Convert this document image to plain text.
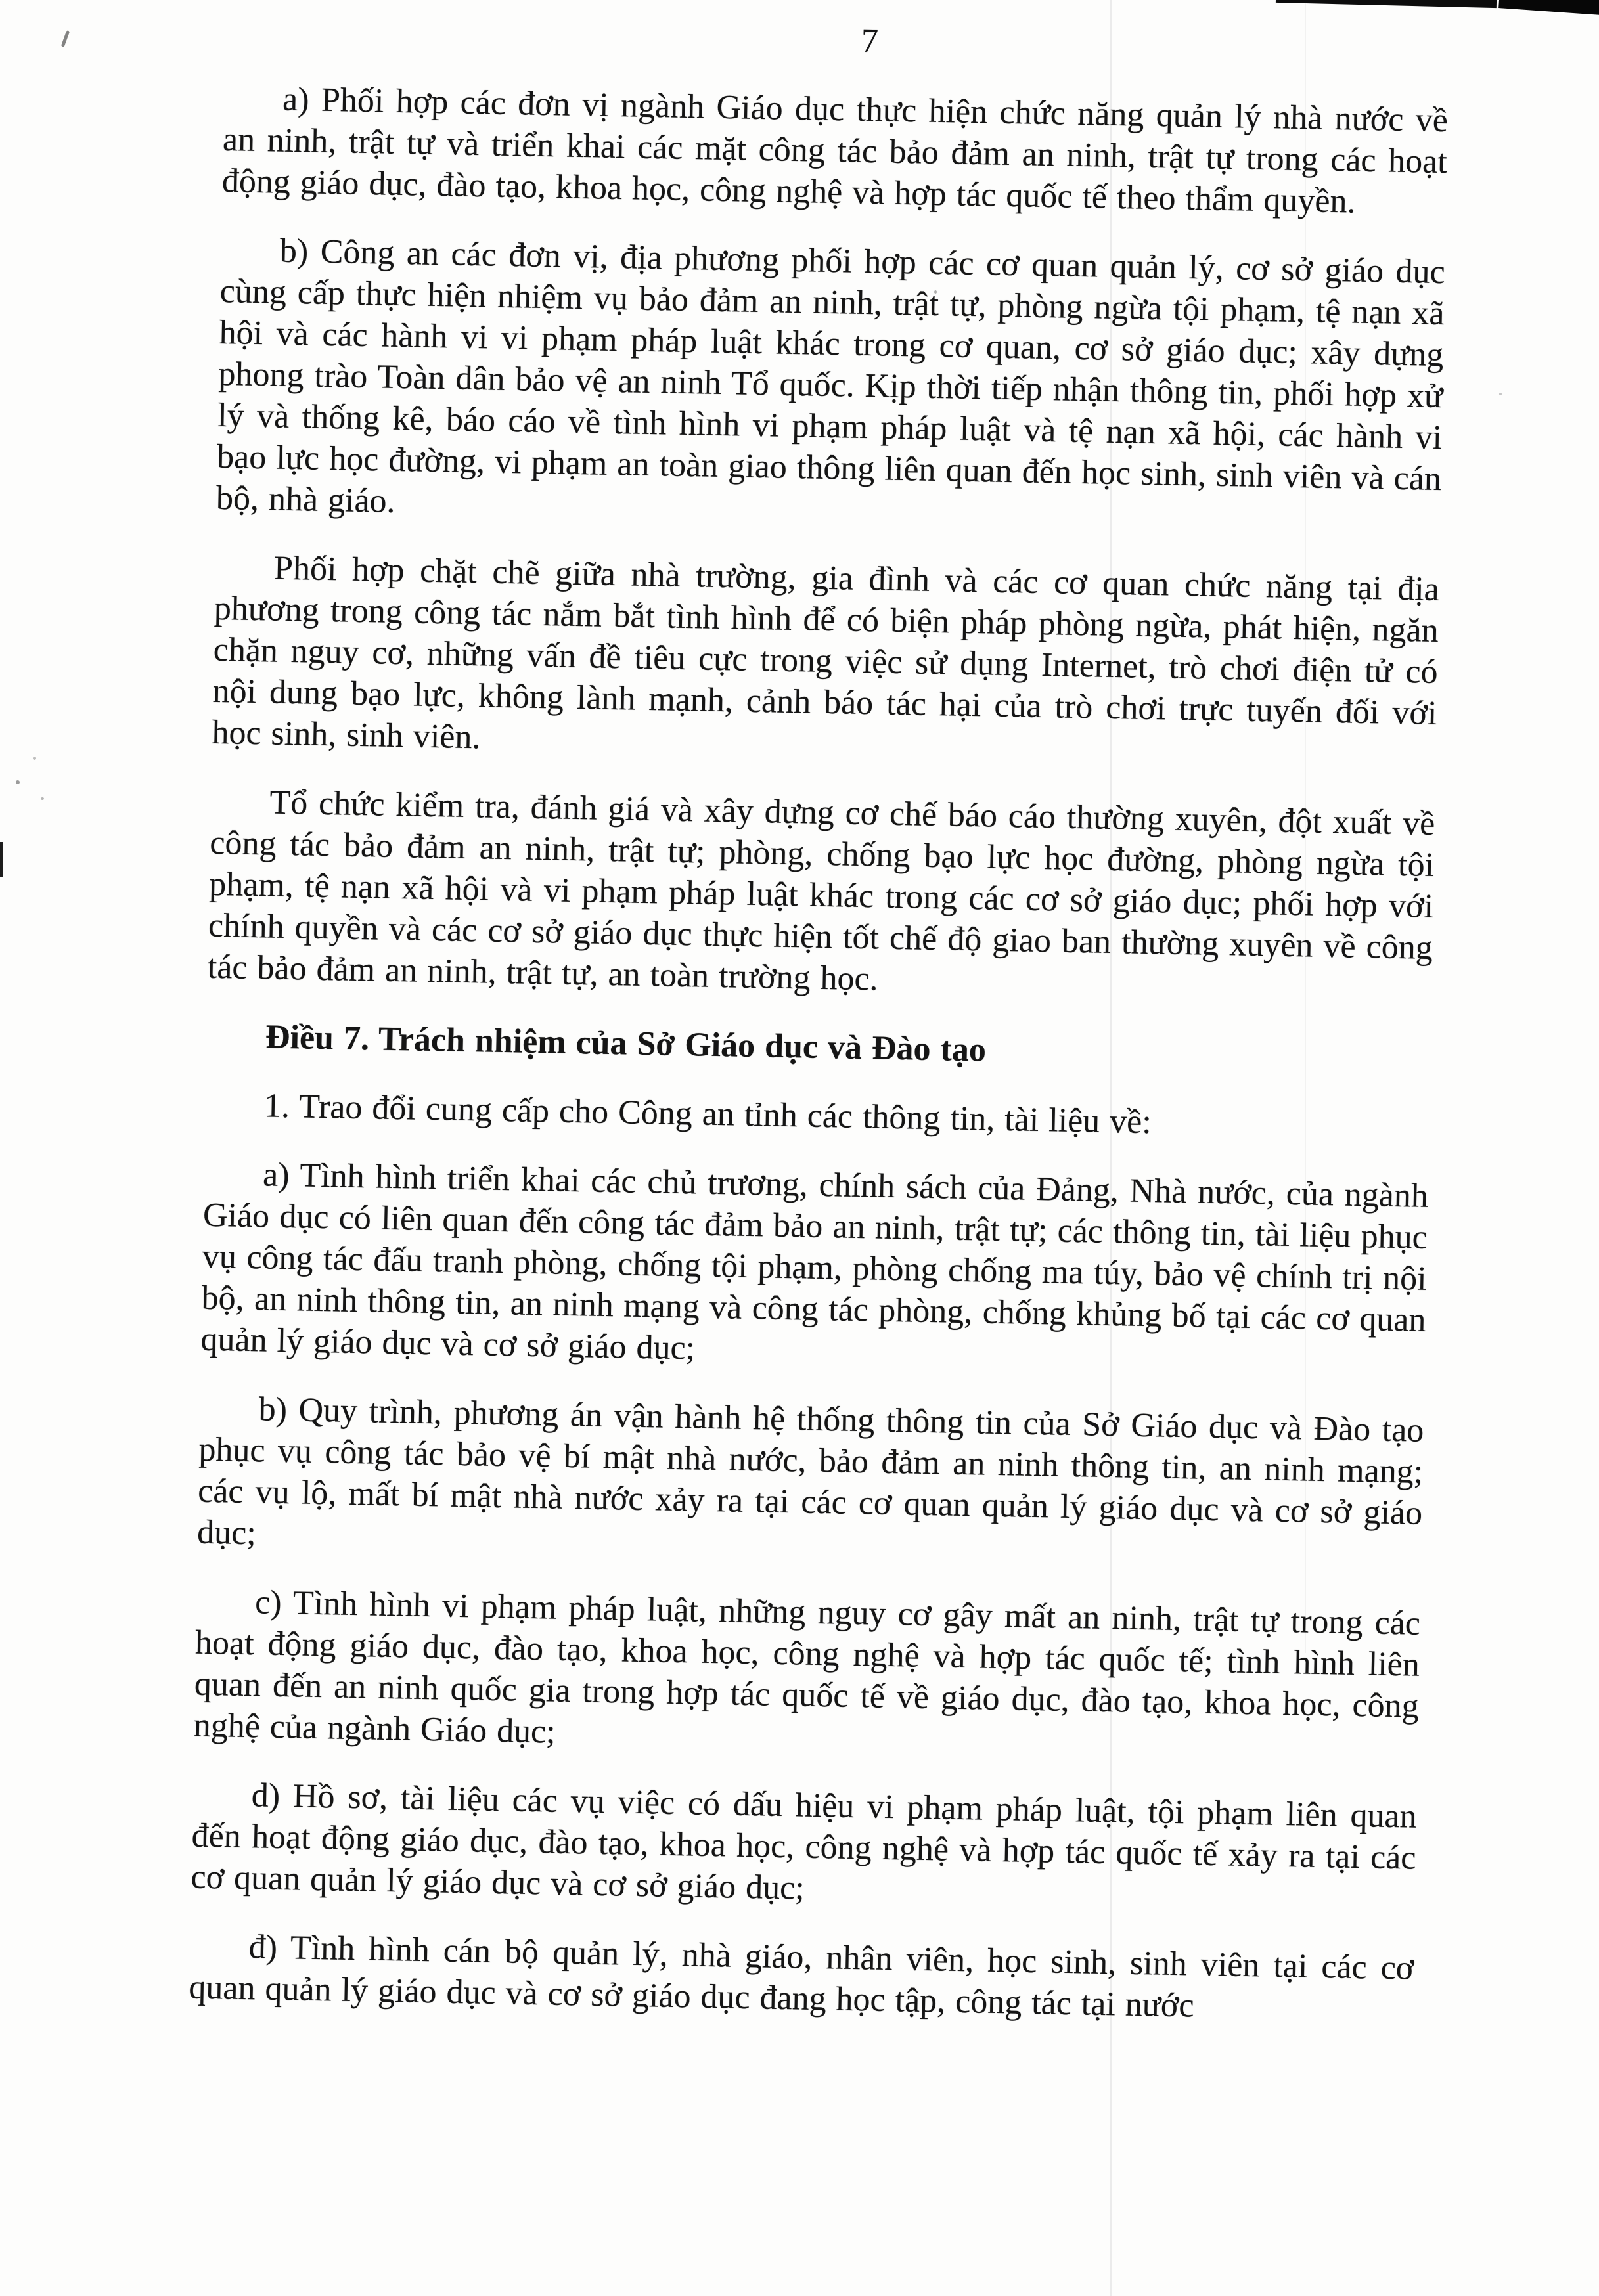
7

a) Phối hợp các đơn vị ngành Giáo dục thực hiện chức năng quản lý nhà nước về an ninh, trật tự và triển khai các mặt công tác bảo đảm an ninh, trật tự trong các hoạt động giáo dục, đào tạo, khoa học, công nghệ và hợp tác quốc tế theo thẩm quyền.

b) Công an các đơn vị, địa phương phối hợp các cơ quan quản lý, cơ sở giáo dục cùng cấp thực hiện nhiệm vụ bảo đảm an ninh, trật tự, phòng ngừa tội phạm, tệ nạn xã hội và các hành vi vi phạm pháp luật khác trong cơ quan, cơ sở giáo dục; xây dựng phong trào Toàn dân bảo vệ an ninh Tổ quốc. Kịp thời tiếp nhận thông tin, phối hợp xử lý và thống kê, báo cáo về tình hình vi phạm pháp luật và tệ nạn xã hội, các hành vi bạo lực học đường, vi phạm an toàn giao thông liên quan đến học sinh, sinh viên và cán bộ, nhà giáo.

Phối hợp chặt chẽ giữa nhà trường, gia đình và các cơ quan chức năng tại địa phương trong công tác nắm bắt tình hình để có biện pháp phòng ngừa, phát hiện, ngăn chặn nguy cơ, những vấn đề tiêu cực trong việc sử dụng Internet, trò chơi điện tử có nội dung bạo lực, không lành mạnh, cảnh báo tác hại của trò chơi trực tuyến đối với học sinh, sinh viên.

Tổ chức kiểm tra, đánh giá và xây dựng cơ chế báo cáo thường xuyên, đột xuất về công tác bảo đảm an ninh, trật tự; phòng, chống bạo lực học đường, phòng ngừa tội phạm, tệ nạn xã hội và vi phạm pháp luật khác trong các cơ sở giáo dục; phối hợp với chính quyền và các cơ sở giáo dục thực hiện tốt chế độ giao ban thường xuyên về công tác bảo đảm an ninh, trật tự, an toàn trường học.

Điều 7. Trách nhiệm của Sở Giáo dục và Đào tạo

1. Trao đổi cung cấp cho Công an tỉnh các thông tin, tài liệu về:

a) Tình hình triển khai các chủ trương, chính sách của Đảng, Nhà nước, của ngành Giáo dục có liên quan đến công tác đảm bảo an ninh, trật tự; các thông tin, tài liệu phục vụ công tác đấu tranh phòng, chống tội phạm, phòng chống ma túy, bảo vệ chính trị nội bộ, an ninh thông tin, an ninh mạng và công tác phòng, chống khủng bố tại các cơ quan quản lý giáo dục và cơ sở giáo dục;

b) Quy trình, phương án vận hành hệ thống thông tin của Sở Giáo dục và Đào tạo phục vụ công tác bảo vệ bí mật nhà nước, bảo đảm an ninh thông tin, an ninh mạng; các vụ lộ, mất bí mật nhà nước xảy ra tại các cơ quan quản lý giáo dục và cơ sở giáo dục;

c) Tình hình vi phạm pháp luật, những nguy cơ gây mất an ninh, trật tự trong các hoạt động giáo dục, đào tạo, khoa học, công nghệ và hợp tác quốc tế; tình hình liên quan đến an ninh quốc gia trong hợp tác quốc tế về giáo dục, đào tạo, khoa học, công nghệ của ngành Giáo dục;

d) Hồ sơ, tài liệu các vụ việc có dấu hiệu vi phạm pháp luật, tội phạm liên quan đến hoạt động giáo dục, đào tạo, khoa học, công nghệ và hợp tác quốc tế xảy ra tại các cơ quan quản lý giáo dục và cơ sở giáo dục;

đ) Tình hình cán bộ quản lý, nhà giáo, nhân viên, học sinh, sinh viên tại các cơ quan quản lý giáo dục và cơ sở giáo dục đang học tập, công tác tại nước
